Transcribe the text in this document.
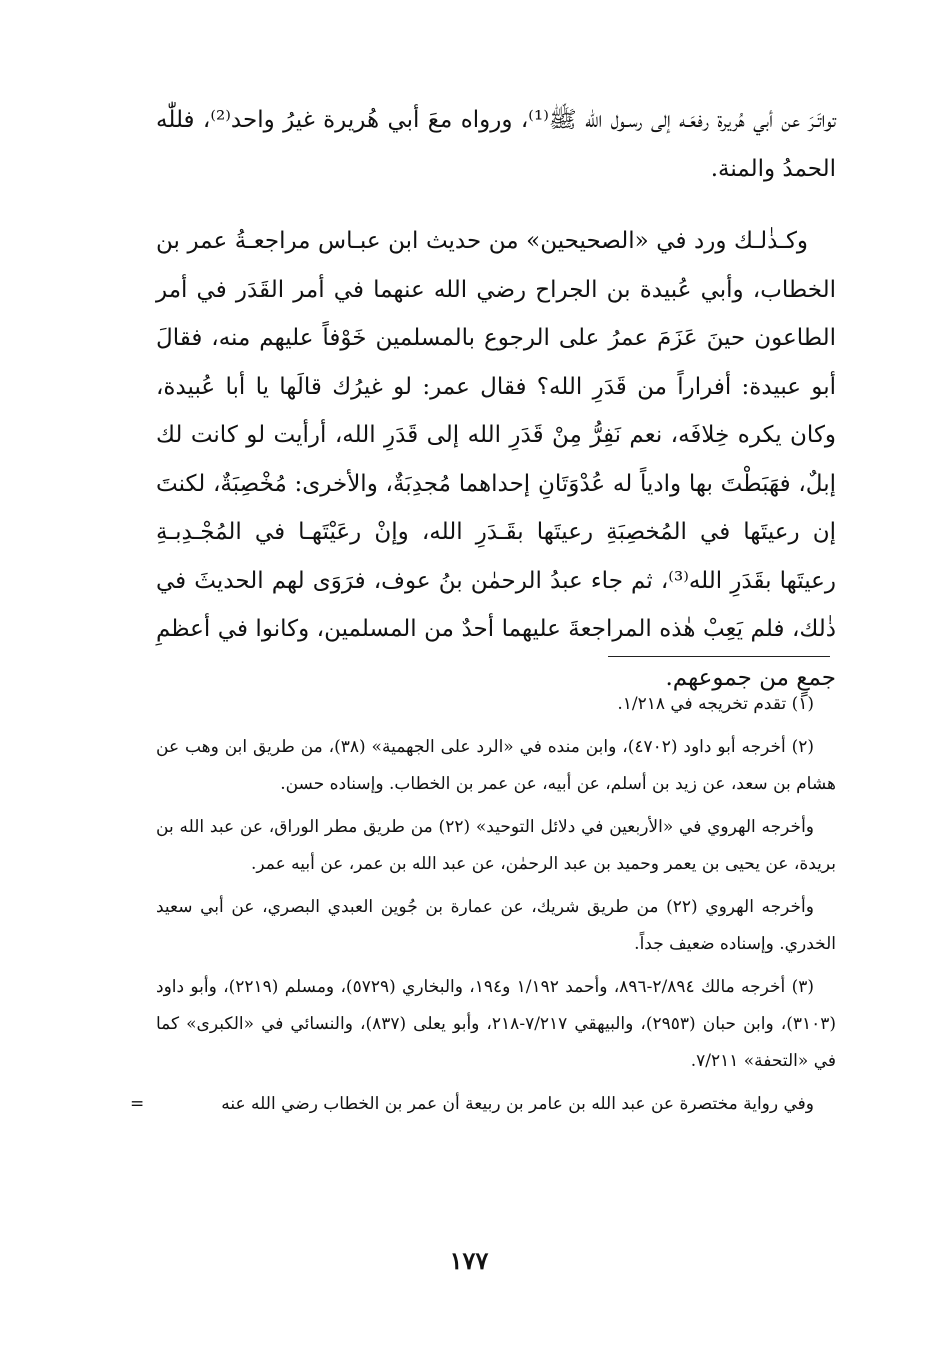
تواتَـرَ عن أبي هُريرة رفعَـه إلى رسـول الله ﷺ⁽¹⁾، ورواه معَ أبي هُريرة غيرُ واحد⁽²⁾، فللّٰه الحمدُ والمنة.

وكـذٰلـك ورد في «الصحيحين» من حديث ابن عبـاس مراجعـةُ عمر بن الخطاب، وأبي عُبيدة بن الجراح رضي الله عنهما في أمر القَدَر في أمر الطاعون حينَ عَزَمَ عمرُ على الرجوع بالمسلمين خَوْفاً عليهم منه، فقالَ أبو عبيدة: أفراراً من قَدَرِ الله؟ فقال عمر: لو غيرُك قالَها يا أبا عُبيدة، وكان يكره خِلافَه، نعم نَفِرُّ مِنْ قَدَرِ الله إلى قَدَرِ الله، أرأيت لو كانت لك إبلٌ، فهَبَطْتَ بها وادياً له عُدْوَتَانِ إحداهما مُجدِبَةٌ، والأخرى: مُخْصِبَةٌ، لكنتَ إن رعيتَها في المُخصِبَةِ رعيتَها بقَـدَرِ الله، وإنْ رعَيْتَهـا في المُجْـدِبـةِ رعيتَها بقَدَرِ الله⁽³⁾، ثم جاء عبدُ الرحمٰن بنُ عوف، فرَوَى لهم الحديثَ في ذٰلك، فلم يَعِبْ هٰذه المراجعةَ عليهما أحدٌ من المسلمين، وكانوا في أعظمِ جمعٍ من جموعهم.

(١) تقدم تخريجه في ١/٢١٨.

(٢) أخرجه أبو داود (٤٧٠٢)، وابن منده في «الرد على الجهمية» (٣٨)، من طريق ابن وهب عن هشام بن سعد، عن زيد بن أسلم، عن أبيه، عن عمر بن الخطاب. وإسناده حسن.

وأخرجه الهروي في «الأربعين في دلائل التوحيد» (٢٢) من طريق مطر الوراق، عن عبد الله بن بريدة، عن يحيى بن يعمر وحميد بن عبد الرحمٰن، عن عبد الله بن عمر، عن أبيه عمر.

وأخرجه الهروي (٢٢) من طريق شريك، عن عمارة بن جُوين العبدي البصري، عن أبي سعيد الخدري. وإسناده ضعيف جداً.

(٣) أخرجه مالك ٢/٨٩٤-٨٩٦، وأحمد ١/١٩٢ و١٩٤، والبخاري (٥٧٢٩)، ومسلم (٢٢١٩)، وأبو داود (٣١٠٣)، وابن حبان (٢٩٥٣)، والبيهقي ٧/٢١٧-٢١٨، وأبو يعلى (٨٣٧)، والنسائي في «الكبرى» كما في «التحفة» ٧/٢١١.

وفي رواية مختصرة عن عبد الله بن عامر بن ربيعة أن عمر بن الخطاب رضي الله عنه
=

١٧٧
